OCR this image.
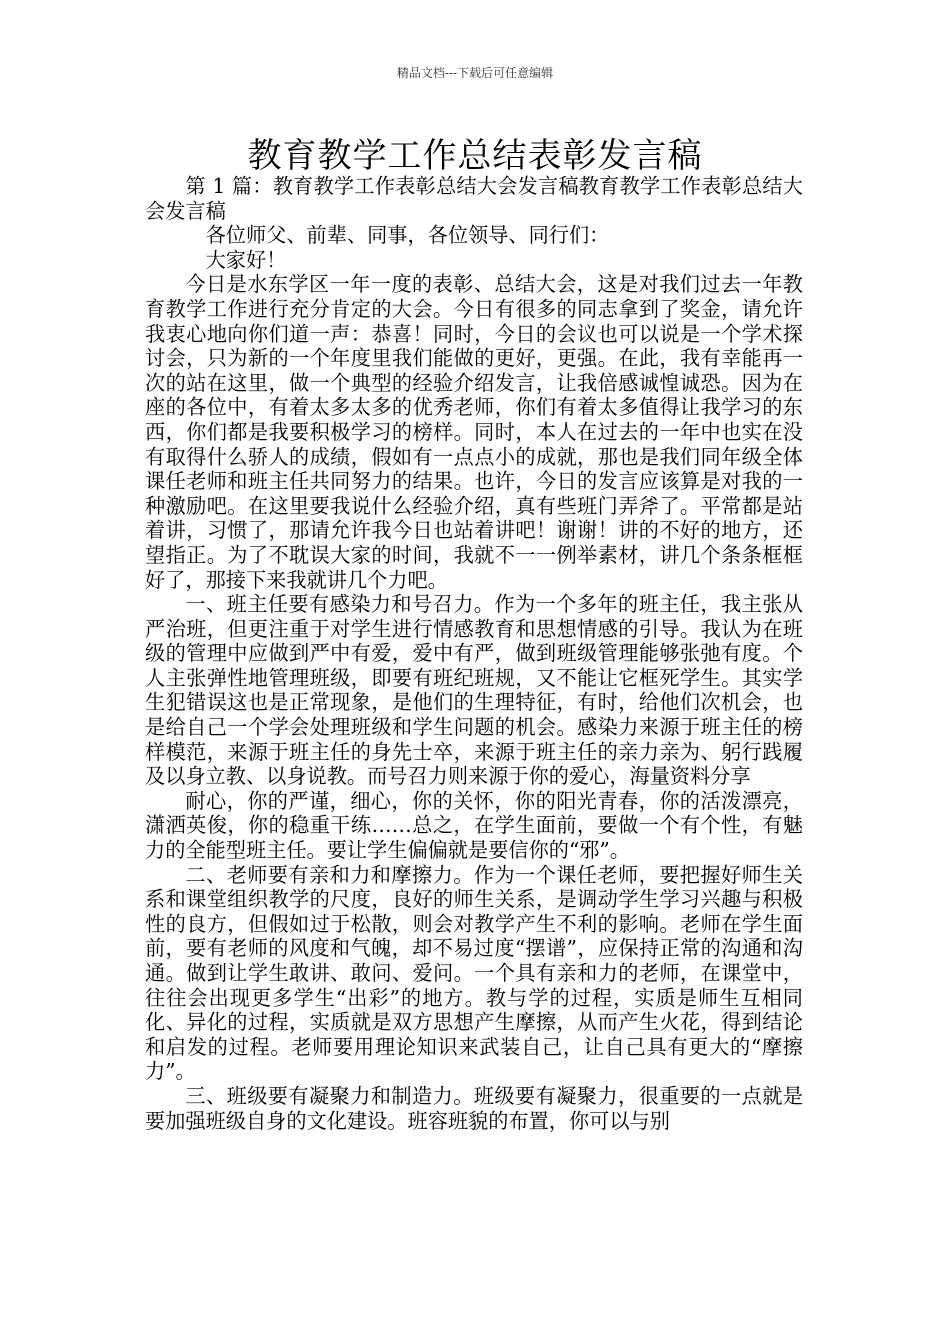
精品文档---下载后可任意编辑
教育教学工作总结表彰发言稿

第 1 篇：教育教学工作表彰总结大会发言稿教育教学工作表彰总结大会发言稿

各位师父、前辈、同事，各位领导、同行们：

大家好！

今日是水东学区一年一度的表彰、总结大会，这是对我们过去一年教育教学工作进行充分肯定的大会。今日有很多的同志拿到了奖金，请允许我衷心地向你们道一声：恭喜！同时，今日的会议也可以说是一个学术探讨会，只为新的一个年度里我们能做的更好，更强。在此，我有幸能再一次的站在这里，做一个典型的经验介绍发言，让我倍感诚惶诚恐。因为在座的各位中，有着太多太多的优秀老师，你们有着太多值得让我学习的东西，你们都是我要积极学习的榜样。同时，本人在过去的一年中也实在没有取得什么骄人的成绩，假如有一点点小的成就，那也是我们同年级全体课任老师和班主任共同努力的结果。也许，今日的发言应该算是对我的一种激励吧。在这里要我说什么经验介绍，真有些班门弄斧了。平常都是站着讲，习惯了，那请允许我今日也站着讲吧！谢谢！讲的不好的地方，还望指正。为了不耽误大家的时间，我就不一一例举素材，讲几个条条框框好了，那接下来我就讲几个力吧。

一、班主任要有感染力和号召力。作为一个多年的班主任，我主张从严治班，但更注重于对学生进行情感教育和思想情感的引导。我认为在班级的管理中应做到严中有爱，爱中有严，做到班级管理能够张弛有度。个人主张弹性地管理班级，即要有班纪班规，又不能让它框死学生。其实学生犯错误这也是正常现象，是他们的生理特征，有时，给他们次机会，也是给自己一个学会处理班级和学生问题的机会。感染力来源于班主任的榜样模范，来源于班主任的身先士卒，来源于班主任的亲力亲为、躬行践履及以身立教、以身说教。而号召力则来源于你的爱心，海量资料分享

耐心，你的严谨，细心，你的关怀，你的阳光青春，你的活泼漂亮，潇洒英俊，你的稳重干练……总之，在学生面前，要做一个有个性，有魅力的全能型班主任。要让学生偏偏就是要信你的“邪”。

二、老师要有亲和力和摩擦力。作为一个课任老师，要把握好师生关系和课堂组织教学的尺度，良好的师生关系，是调动学生学习兴趣与积极性的良方，但假如过于松散，则会对教学产生不利的影响。老师在学生面前，要有老师的风度和气魄，却不易过度“摆谱”，应保持正常的沟通和沟通。做到让学生敢讲、敢问、爱问。一个具有亲和力的老师，在课堂中，往往会出现更多学生“出彩”的地方。教与学的过程，实质是师生互相同化、异化的过程，实质就是双方思想产生摩擦，从而产生火花，得到结论和启发的过程。老师要用理论知识来武装自己，让自己具有更大的“摩擦力”。

三、班级要有凝聚力和制造力。班级要有凝聚力，很重要的一点就是要加强班级自身的文化建设。班容班貌的布置，你可以与别
